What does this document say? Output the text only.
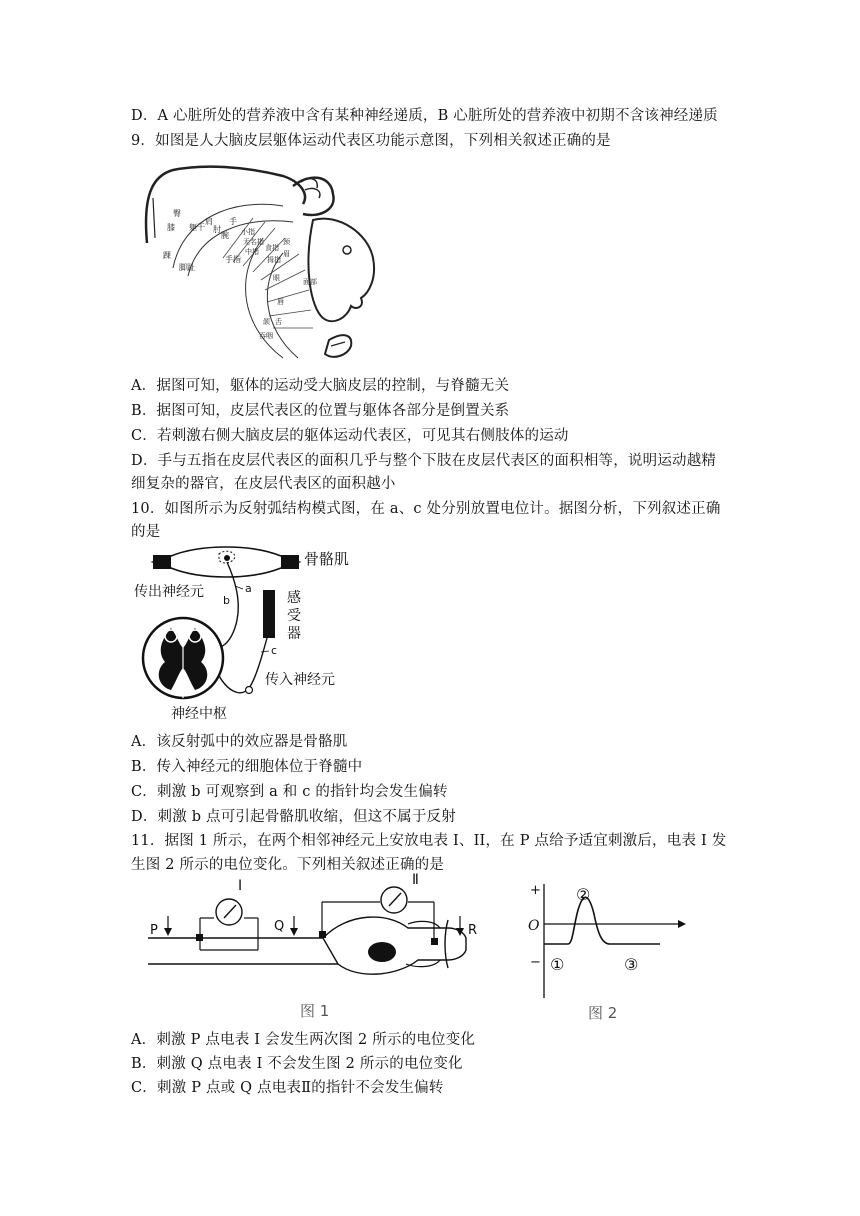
D．A 心脏所处的营养液中含有某种神经递质，B 心脏所处的营养液中初期不含该神经递质
9．如图是人大脑皮层躯体运动代表区功能示意图，下列相关叙述正确的是
臀
膝 躯干
肩
肘
腕
手
手指
踝
脚趾
小指
无名指
中指 食指
拇指
颈
眉
眼	面部
唇
颌 舌
吞咽
A．据图可知，躯体的运动受大脑皮层的控制，与脊髓无关
B．据图可知，皮层代表区的位置与躯体各部分是倒置关系
C．若刺激右侧大脑皮层的躯体运动代表区，可见其右侧肢体的运动
D．手与五指在皮层代表区的面积几乎与整个下肢在皮层代表区的面积相等，说明运动越精
细复杂的器官，在皮层代表区的面积越小
10．如图所示为反射弧结构模式图，在 a、c 处分别放置电位计。据图分析，下列叙述正确
的是
骨骼肌
a
b
传出神经元	感
受
器
c
传入神经元
神经中枢
A．该反射弧中的效应器是骨骼肌
B．传入神经元的细胞体位于脊髓中
C．刺激 b 可观察到 a 和 c 的指针均会发生偏转
D．刺激 b 点可引起骨骼肌收缩，但这不属于反射
11．据图 1 所示，在两个相邻神经元上安放电表 I、II，在 P 点给予适宜刺激后，电表 I 发
生图 2 所示的电位变化。下列相关叙述正确的是
I	Ⅱ
P	Q	R
图 1
+
O
− ①
②
③
图 2
A．刺激 P 点电表 I 会发生两次图 2 所示的电位变化
B．刺激 Q 点电表 I 不会发生图 2 所示的电位变化
C．刺激 P 点或 Q 点电表Ⅱ的指针不会发生偏转
